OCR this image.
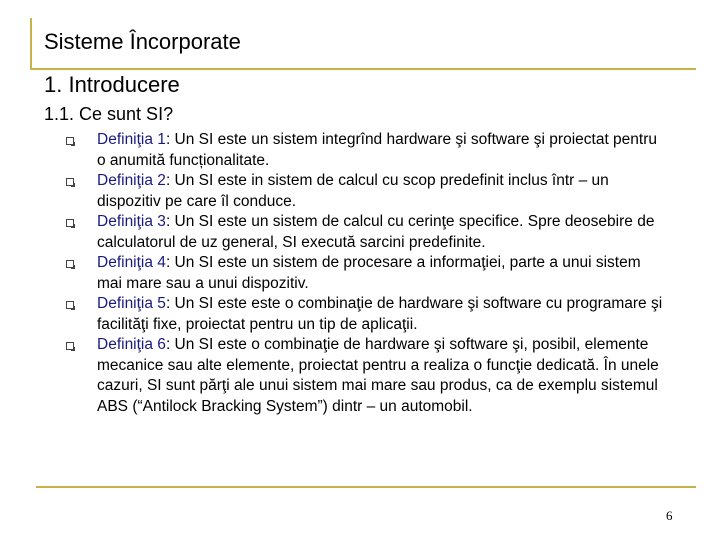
Sisteme Încorporate
1. Introducere
1.1. Ce sunt SI?
Definiţia 1: Un SI este un sistem integrînd hardware şi software şi proiectat pentru o anumită funcționalitate.
Definiţia 2: Un SI este in sistem de calcul cu scop predefinit inclus într – un dispozitiv pe care îl conduce.
Definiţia 3: Un SI este un sistem de calcul cu cerinţe specifice. Spre deosebire de calculatorul de uz general, SI execută sarcini predefinite.
Definiţia 4: Un SI este un sistem de procesare a informaţiei, parte a unui sistem mai mare sau a unui dispozitiv.
Definiţia 5: Un SI este este o combinaţie de hardware şi software cu programare şi facilităţi fixe, proiectat pentru un tip de aplicaţii.
Definiţia 6: Un SI este o combinaţie de hardware şi software şi, posibil, elemente mecanice sau alte elemente, proiectat pentru a realiza o funcţie dedicată. În unele cazuri, SI sunt părţi ale unui sistem mai mare sau produs, ca de exemplu sistemul ABS (“Antilock Bracking System”) dintr – un automobil.
6
